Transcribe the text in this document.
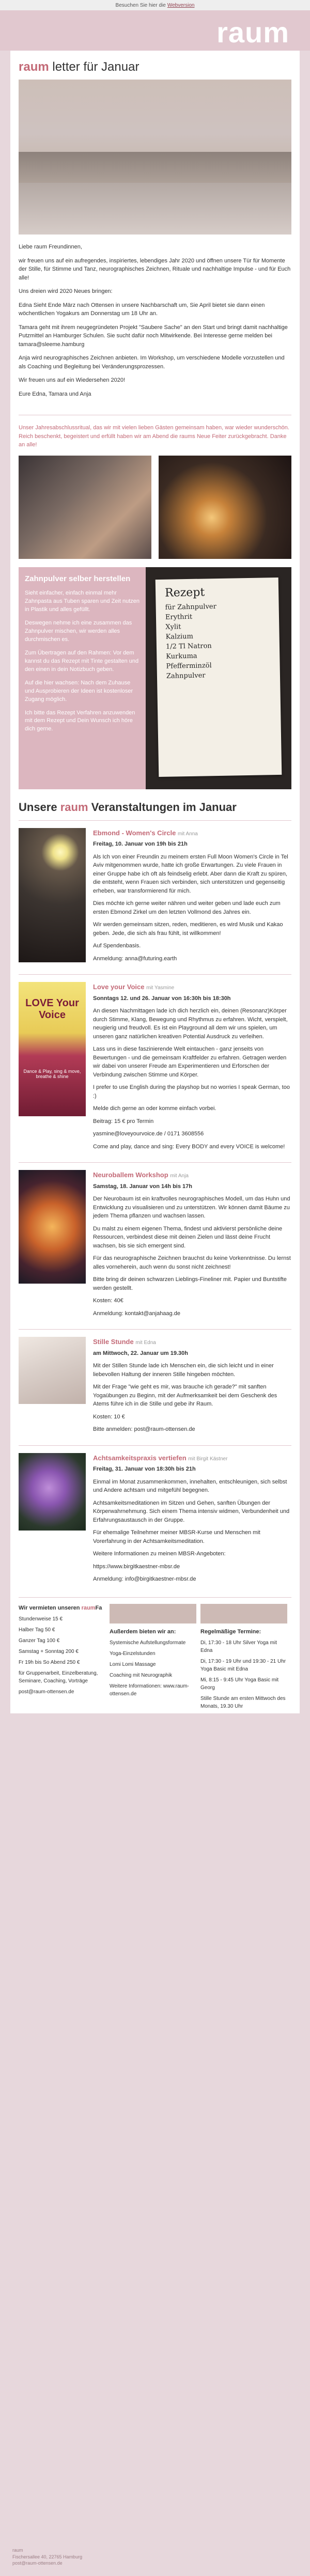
Besuchen Sie hier die Webversion
raum
raum letter für Januar

Liebe raum Freundinnen,

wir freuen uns auf ein aufregendes, inspiriertes, lebendiges Jahr 2020 und öffnen unsere Tür für Momente der Stille, für Stimme und Tanz, neurographisches Zeichnen, Rituale und nachhaltige Impulse - und für Euch alle!

Uns dreien wird 2020 Neues bringen:

Edna Sieht Ende März nach Ottensen in unsere Nachbarschaft um, Sie April bietet sie dann einen wöchentlichen Yogakurs am Donnerstag um 18 Uhr an.

Tamara geht mit ihrem neugegründeten Projekt "Saubere Sache" an den Start und bringt damit nachhaltige Putzmittel an Hamburger Schulen. Sie sucht dafür noch Mitwirkende. Bei Interesse gerne melden bei tamara@sleeme.hamburg

Anja wird neurographisches Zeichnen anbieten. Im Workshop, um verschiedene Modelle vorzustellen und als Coaching und Begleitung bei Veränderungsprozessen.

Wir freuen uns auf ein Wiedersehen 2020!

Eure Edna, Tamara und Anja

Unser Jahresabschlussritual, das wir mit vielen lieben Gästen gemeinsam haben, war wieder wunderschön. Reich beschenkt, begeistert und erfüllt haben wir am Abend die raums Neue Feiter zurückgebracht. Danke an alle!
Zahnpulver selber herstellen

Sieht einfacher, einfach einmal mehr Zahnpasta aus Tuben sparen und Zeit nutzen in Plastik und alles gefüllt.

Deswegen nehme ich eine zusammen das Zahnpulver mischen, wir werden alles durchmischen es.

Zum Übertragen auf den Rahmen: Vor dem kannst du das Rezept mit Tinte gestalten und den einen in dein Notizbuch geben.

Auf die hier wachsen: Nach dem Zuhause und Ausprobieren der Ideen ist kostenloser Zugang möglich.

Ich bitte das Rezept Verfahren anzuwenden mit dem Rezept und Dein Wunsch ich höre dich gerne.

Rezept
für Zahnpulver
Erythrit
Xylit
Kalzium
1/2 Tl Natron
Kurkuma
Pfefferminzöl
Zahnpulver
Unsere raum Veranstaltungen im Januar
Ebmond - Women's Circle mit Anna
Freitag, 10. Januar von 19h bis 21h

Als Ich von einer Freundin zu meinem ersten Full Moon Women's Circle in Tel Aviv mitgenommen wurde, hatte ich große Erwartungen. Zu viele Frauen in einer Gruppe habe ich oft als feindselig erlebt. Aber dann die Kraft zu spüren, die entsteht, wenn Frauen sich verbinden, sich unterstützen und gegenseitig erheben, war transformierend für mich.

Dies möchte ich gerne weiter nähren und weiter geben und lade euch zum ersten Ebmond Zirkel um den letzten Vollmond des Jahres ein.

Wir werden gemeinsam sitzen, reden, meditieren, es wird Musik und Kakao geben. Jede, die sich als frau fühlt, ist willkommen!

Auf Spendenbasis.

Anmeldung: anna@futuring.earth

LOVE Your Voice
Dance & Play, sing & move, breathe & shine
Love your Voice mit Yasmine
Sonntags 12. und 26. Januar von 16:30h bis 18:30h

An diesen Nachmittagen lade ich dich herzlich ein, deinen (Resonanz)Körper durch Stimme, Klang, Bewegung und Rhythmus zu erfahren. Wicht, verspielt, neugierig und freudvoll. Es ist ein Playground all dem wir uns spielen, um unseren ganz natürlichen kreativen Potential Ausdruck zu verleihen.

Lass uns in diese faszinierende Welt eintauchen - ganz jenseits von Bewertungen - und die gemeinsam Kraftfelder zu erfahren. Getragen werden wir dabei von unserer Freude am Experimentieren und Erforschen der Verbindung zwischen Stimme und Körper.

I prefer to use English during the playshop but no worries I speak German, too :)

Melde dich gerne an oder komme einfach vorbei.

Beitrag: 15 € pro Termin

yasmine@loveyourvoice.de / 0171 3608556

Come and play, dance and sing: Every BODY and every VOICE is welcome!

Neuroballem Workshop mit Anja
Samstag, 18. Januar von 14h bis 17h

Der Neurobaum ist ein kraftvolles neurographisches Modell, um das Huhn und Entwicklung zu visualisieren und zu unterstützen. Wir können damit Bäume zu jedem Thema pflanzen und wachsen lassen.

Du malst zu einem eigenen Thema, findest und aktivierst persönliche deine Ressourcen, verbindest diese mit deinen Zielen und lässt deine Frucht wachsen, bis sie sich emergent sind.

Für das neurographische Zeichnen brauchst du keine Vorkenntnisse. Du lernst alles vorneherein, auch wenn du sonst nicht zeichnest!

Bitte bring dir deinen schwarzen Lieblings-Fineliner mit. Papier und Buntstifte werden gestellt.

Kosten: 40€

Anmeldung: kontakt@anjahaag.de

Stille Stunde mit Edna
am Mittwoch, 22. Januar um 19.30h

Mit der Stillen Stunde lade ich Menschen ein, die sich leicht und in einer liebevollen Haltung der inneren Stille hingeben möchten.

Mit der Frage "wie geht es mir, was brauche ich gerade?" mit sanften Yogaübungen zu Beginn, mit der Aufmerksamkeit bei dem Geschenk des Atems führe ich in die Stille und gebe ihr Raum.

Kosten: 10 €

Bitte anmelden: post@raum-ottensen.de

Achtsamkeitspraxis vertiefen mit Birgit Kästner
Freitag, 31. Januar von 18:30h bis 21h

Einmal im Monat zusammenkommen, innehalten, entschleunigen, sich selbst und Andere achtsam und mitgefühl begegnen.

Achtsamkeitsmeditationen im Sitzen und Gehen, sanften Übungen der Körperwahrnehmung. Sich einem Thema intensiv widmen, Verbundenheit und Erfahrungsaustausch in der Gruppe.

Für ehemalige Teilnehmer meiner MBSR-Kurse und Menschen mit Vorerfahrung in der Achtsamkeitsmeditation.

Weitere Informationen zu meinen MBSR-Angeboten:

https://www.birgitkaestner-mbsr.de

Anmeldung: info@birgitkaestner-mbsr.de

Wir vermieten unseren raumFa

Stundenweise 15 €

Halber Tag 50 €

Ganzer Tag 100 €

Samstag + Sonntag 200 €

Fr 19h bis So Abend 250 €

für Gruppenarbeit, Einzelberatung, Seminare, Coaching, Vorträge

post@raum-ottensen.de

Außerdem bieten wir an:

Systemische Aufstellungsformate

Yoga-Einzelstunden

Lomi Lomi Massage

Coaching mit Neurographik

Weitere Informationen: www.raum-ottensen.de

Regelmäßige Termine:

Di, 17:30 - 18 Uhr Silver Yoga mit Edna

Di, 17:30 - 19 Uhr und 19:30 - 21 Uhr Yoga Basic mit Edna

Mi, 8:15 - 9:45 Uhr Yoga Basic mit Georg

Stille Stunde am ersten Mittwoch des Monats, 19.30 Uhr

raum
Fischersallee 40, 22765 Hamburg
post@raum-ottensen.de
